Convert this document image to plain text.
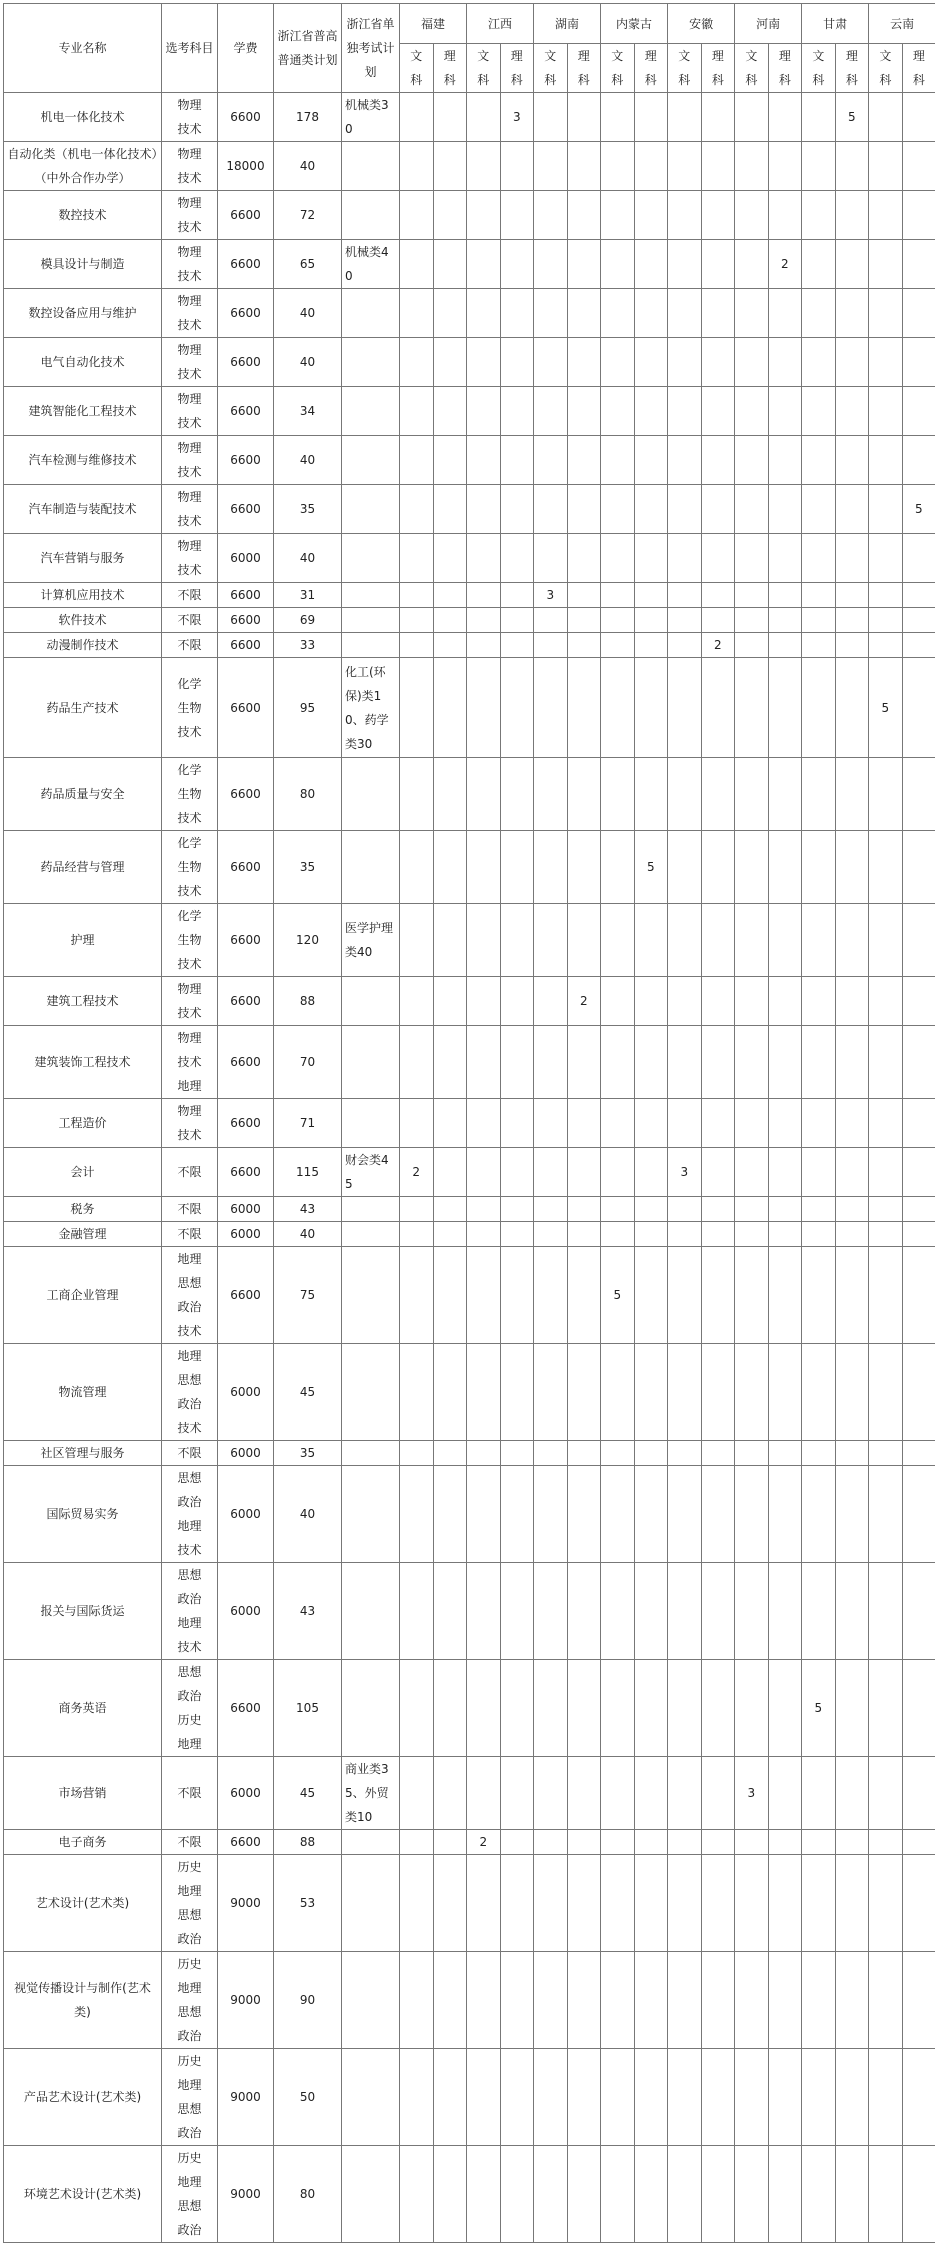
专业名称	选考科目	学费	浙江省普高普通类计划	浙江省单独考试计划	福建		江西		湖南		内蒙古		安徽		河南		甘肃		云南	
					文科	理科	文科	理科	文科	理科	文科	理科	文科	理科	文科	理科	文科	理科	文科	理科
机电一体化技术	物理 技术	6600	178	机械类30				3										5		
自动化类（机电一体化技术）（中外合作办学）	物理 技术	18000	40																	
数控技术	物理 技术	6600	72																	
模具设计与制造	物理 技术	6600	65	机械类40												2				
数控设备应用与维护	物理 技术	6600	40																	
电气自动化技术	物理 技术	6600	40																	
建筑智能化工程技术	物理 技术	6600	34																	
汽车检测与维修技术	物理 技术	6600	40																	
汽车制造与装配技术	物理 技术	6600	35																	5
汽车营销与服务	物理 技术	6000	40																	
计算机应用技术	不限	6600	31						3											
软件技术	不限	6600	69																	
动漫制作技术	不限	6600	33											2						
药品生产技术	化学 生物 技术	6600	95	化工(环保)类10、药学类30															5	
药品质量与安全	化学 生物 技术	6600	80																	
药品经营与管理	化学 生物 技术	6600	35									5								
护理	化学 生物 技术	6600	120	医学护理类40																
建筑工程技术	物理 技术	6600	88							2										
建筑装饰工程技术	物理 技术 地理	6600	70																	
工程造价	物理 技术	6600	71																	
会计	不限	6600	115	财会类45	2								3							
税务	不限	6000	43																	
金融管理	不限	6000	40																	
工商企业管理	地理 思想政治 技术	6600	75								5									
物流管理	地理 思想政治 技术	6000	45																	
社区管理与服务	不限	6000	35																	
国际贸易实务	思想政治 地理 技术	6000	40																	
报关与国际货运	思想政治 地理 技术	6000	43																	
商务英语	思想政治 历史 地理	6600	105														5			
市场营销	不限	6000	45	商业类35、外贸类10											3					
电子商务	不限	6600	88				2													
艺术设计(艺术类)	历史 地理 思想政治	9000	53																	
视觉传播设计与制作(艺术类)	历史 地理 思想政治	9000	90																	
产品艺术设计(艺术类)	历史 地理 思想政治	9000	50																	
环境艺术设计(艺术类)	历史 地理 思想政治	9000	80																	
